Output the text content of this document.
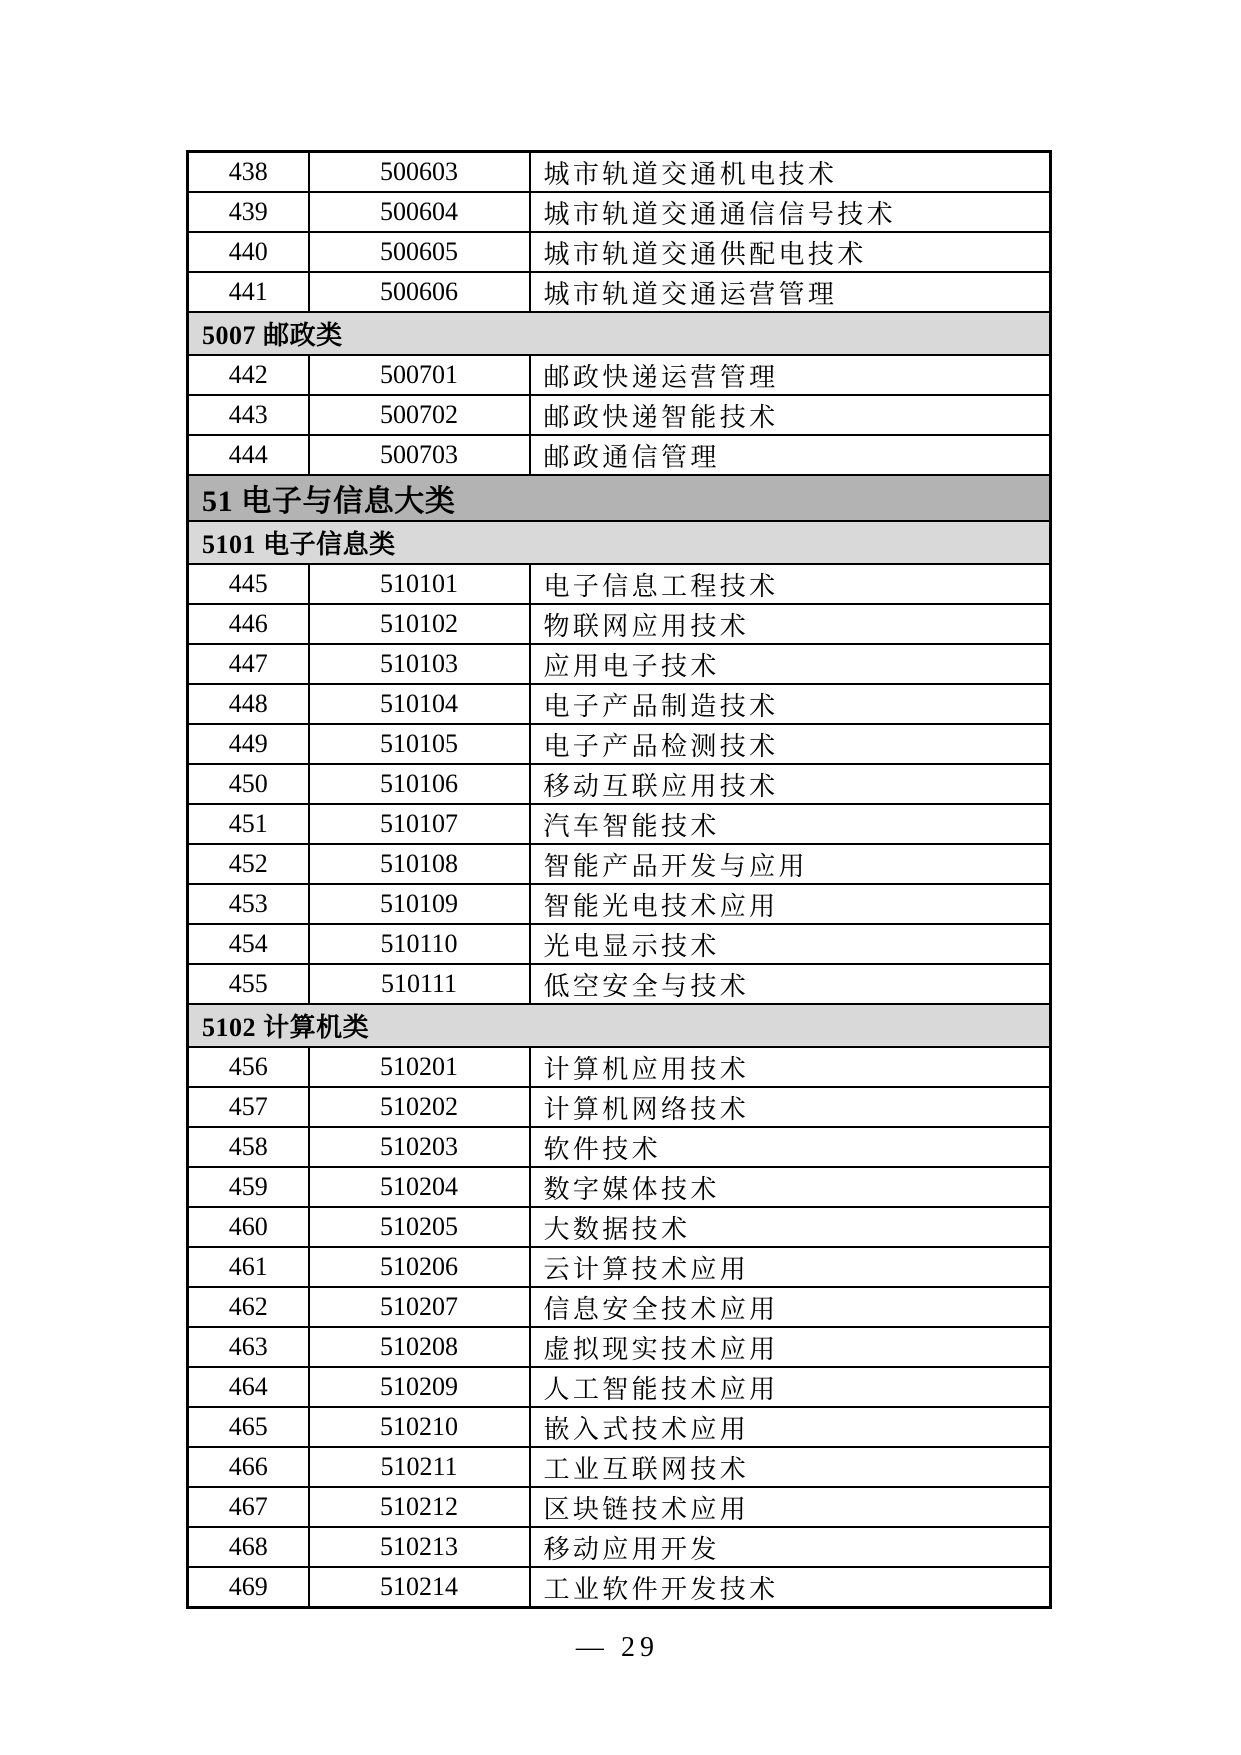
438	500603	城市轨道交通机电技术
439	500604	城市轨道交通通信信号技术
440	500605	城市轨道交通供配电技术
441	500606	城市轨道交通运营管理
5007 邮政类		
442	500701	邮政快递运营管理
443	500702	邮政快递智能技术
444	500703	邮政通信管理
51 电子与信息大类		
5101 电子信息类		
445	510101	电子信息工程技术
446	510102	物联网应用技术
447	510103	应用电子技术
448	510104	电子产品制造技术
449	510105	电子产品检测技术
450	510106	移动互联应用技术
451	510107	汽车智能技术
452	510108	智能产品开发与应用
453	510109	智能光电技术应用
454	510110	光电显示技术
455	510111	低空安全与技术
5102 计算机类		
456	510201	计算机应用技术
457	510202	计算机网络技术
458	510203	软件技术
459	510204	数字媒体技术
460	510205	大数据技术
461	510206	云计算技术应用
462	510207	信息安全技术应用
463	510208	虚拟现实技术应用
464	510209	人工智能技术应用
465	510210	嵌入式技术应用
466	510211	工业互联网技术
467	510212	区块链技术应用
468	510213	移动应用开发
469	510214	工业软件开发技术
— 29
